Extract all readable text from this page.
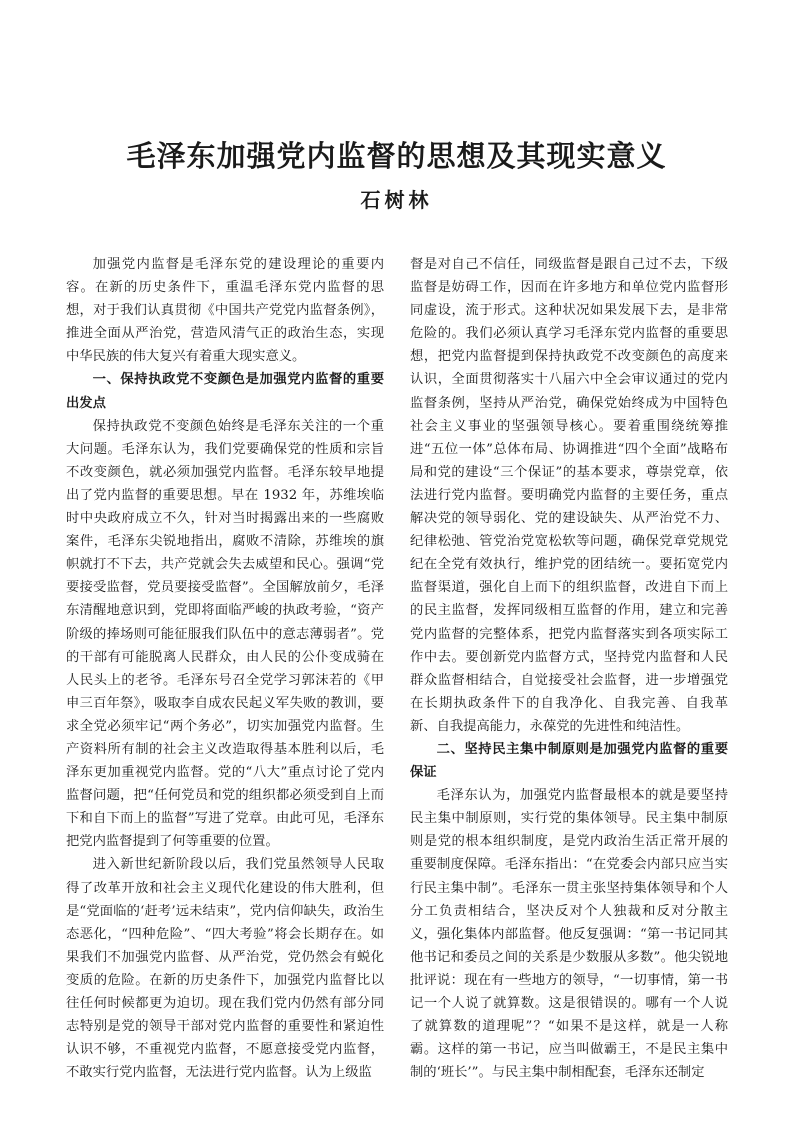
毛泽东加强党内监督的思想及其现实意义
石树林

加强党内监督是毛泽东党的建设理论的重要内容。在新的历史条件下，重温毛泽东党内监督的思想，对于我们认真贯彻《中国共产党党内监督条例》，推进全面从严治党，营造风清气正的政治生态，实现中华民族的伟大复兴有着重大现实意义。

一、保持执政党不变颜色是加强党内监督的重要出发点

保持执政党不变颜色始终是毛泽东关注的一个重大问题。毛泽东认为，我们党要确保党的性质和宗旨不改变颜色，就必须加强党内监督。毛泽东较早地提出了党内监督的重要思想。早在 1932 年，苏维埃临时中央政府成立不久，针对当时揭露出来的一些腐败案件，毛泽东尖锐地指出，腐败不清除，苏维埃的旗帜就打不下去，共产党就会失去威望和民心。强调“党要接受监督，党员要接受监督”。全国解放前夕，毛泽东清醒地意识到，党即将面临严峻的执政考验，“资产阶级的捧场则可能征服我们队伍中的意志薄弱者”。党的干部有可能脱离人民群众，由人民的公仆变成骑在人民头上的老爷。毛泽东号召全党学习郭沫若的《甲申三百年祭》，吸取李自成农民起义军失败的教训，要求全党必须牢记“两个务必”，切实加强党内监督。生产资料所有制的社会主义改造取得基本胜利以后，毛泽东更加重视党内监督。党的“八大”重点讨论了党内监督问题，把“任何党员和党的组织都必须受到自上而下和自下而上的监督”写进了党章。由此可见，毛泽东把党内监督提到了何等重要的位置。

进入新世纪新阶段以后，我们党虽然领导人民取得了改革开放和社会主义现代化建设的伟大胜利，但是“党面临的‘赶考’远未结束”，党内信仰缺失，政治生态恶化，“四种危险”、“四大考验”将会长期存在。如果我们不加强党内监督、从严治党，党仍然会有蜕化变质的危险。在新的历史条件下，加强党内监督比以往任何时候都更为迫切。现在我们党内仍然有部分同志特别是党的领导干部对党内监督的重要性和紧迫性认识不够，不重视党内监督，不愿意接受党内监督，不敢实行党内监督，无法进行党内监督。认为上级监

督是对自己不信任，同级监督是跟自己过不去，下级监督是妨碍工作，因而在许多地方和单位党内监督形同虚设，流于形式。这种状况如果发展下去，是非常危险的。我们必须认真学习毛泽东党内监督的重要思想，把党内监督提到保持执政党不改变颜色的高度来认识，全面贯彻落实十八届六中全会审议通过的党内监督条例，坚持从严治党，确保党始终成为中国特色社会主义事业的坚强领导核心。要着重围绕统筹推进“五位一体”总体布局、协调推进“四个全面”战略布局和党的建设“三个保证”的基本要求，尊崇党章，依法进行党内监督。要明确党内监督的主要任务，重点解决党的领导弱化、党的建设缺失、从严治党不力、纪律松弛、管党治党宽松软等问题，确保党章党规党纪在全党有效执行，维护党的团结统一。要拓宽党内监督渠道，强化自上而下的组织监督，改进自下而上的民主监督，发挥同级相互监督的作用，建立和完善党内监督的完整体系，把党内监督落实到各项实际工作中去。要创新党内监督方式，坚持党内监督和人民群众监督相结合，自觉接受社会监督，进一步增强党在长期执政条件下的自我净化、自我完善、自我革新、自我提高能力，永葆党的先进性和纯洁性。

二、坚持民主集中制原则是加强党内监督的重要保证

毛泽东认为，加强党内监督最根本的就是要坚持民主集中制原则，实行党的集体领导。民主集中制原则是党的根本组织制度，是党内政治生活正常开展的重要制度保障。毛泽东指出：“在党委会内部只应当实行民主集中制”。毛泽东一贯主张坚持集体领导和个人分工负责相结合，坚决反对个人独裁和反对分散主义，强化集体内部监督。他反复强调：“第一书记同其他书记和委员之间的关系是少数服从多数”。他尖锐地批评说：现在有一些地方的领导，“一切事情，第一书记一个人说了就算数。这是很错误的。哪有一个人说了就算数的道理呢”？“如果不是这样，就是一人称霸。这样的第一书记，应当叫做霸王，不是民主集中制的‘班长’”。与民主集中制相配套，毛泽东还制定
